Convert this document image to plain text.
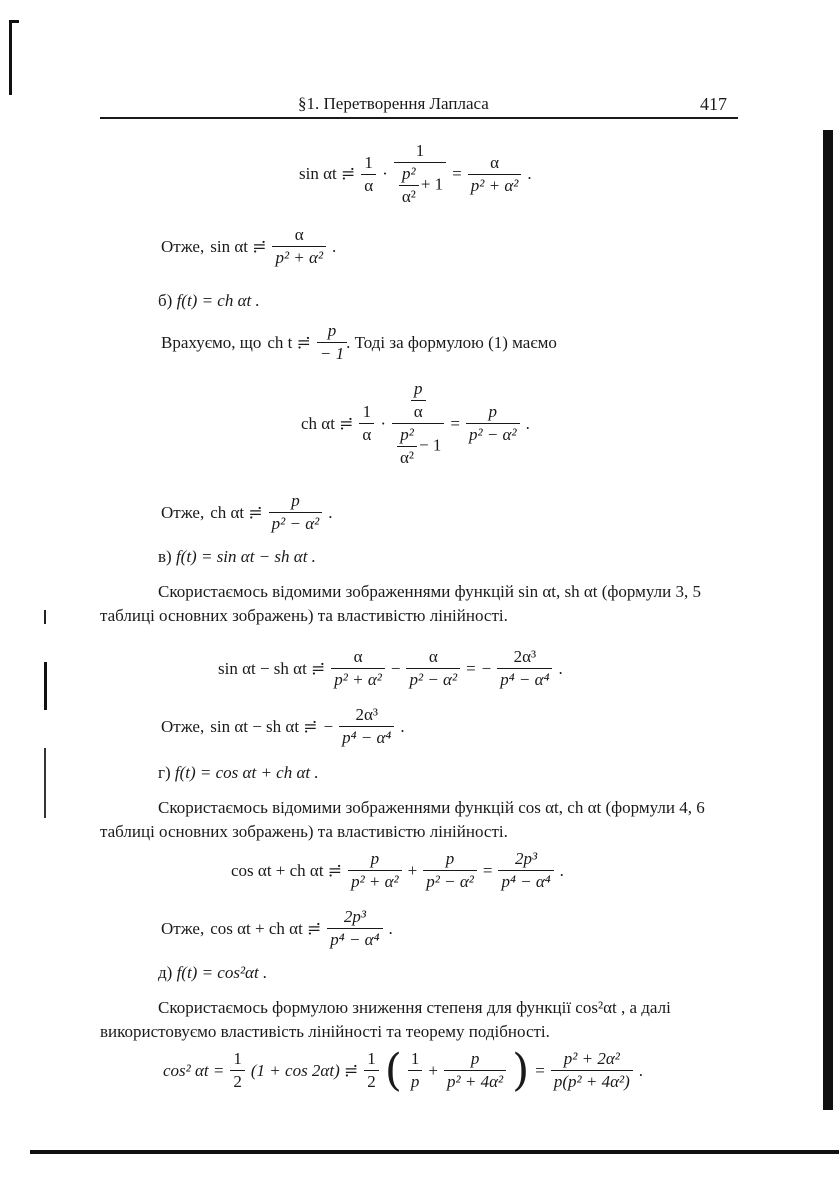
§1. Перетворення Лапласа	417
sin αt ≓ $\frac{1}{\alpha} \cdot \frac{1}{\frac{\text{p²}}{\text{α²}} + 1} = \frac{\alpha}{\text{p² + α²}}$ .
Отже, sin αt ≓ $\frac{\alpha}{\text{p² + α²}}$ .
б) f(t) = ch αt .
Врахуємо, що ch t ≓ $\frac{p}{- 1}$ . Тоді за формулою (1) маємо
ch αt ≓ $\frac{1}{\alpha} \cdot \frac{\frac{p}{\alpha}}{\frac{\text{p²}}{\text{α²}} - 1} = \frac{p}{\text{p² − α²}}$ .
Отже, ch αt ≓ $\frac{p}{\text{p² − α²}}$ .
в) f(t) = sin αt − sh αt .
Скористаємось відомими зображеннями функцій sin αt, sh αt (формули 3, 5 таблиці основних зображень) та властивістю лінійності.
sin αt − sh αt ≓ $\frac{\alpha}{\text{p² + α²}} - \frac{\alpha}{\text{p² − α²}}$ = − $\frac{\text{2α³}}{\text{p⁴ − α⁴}}$ .
Отже, sin αt − sh αt ≓ − $\frac{\text{2α³}}{\text{p⁴ − α⁴}}$ .
г) f(t) = cos αt + ch αt .
Скористаємось відомими зображеннями функцій cos αt, ch αt (формули 4, 6 таблиці основних зображень) та властивістю лінійності.
cos αt + ch αt ≓ $\frac{p}{\text{p² + α²}} + \frac{p}{\text{p² − α²}} = \frac{\text{2p³}}{\text{p⁴ − α⁴}}$ .
Отже, cos αt + ch αt ≓ $\frac{\text{2p³}}{\text{p⁴ − α⁴}}$ .
д) f(t) = cos²αt .
Скористаємось формулою зниження степеня для функції cos²αt , а далі використовуємо властивість лінійності та теорему подібності.
cos² $\alpha t = \frac{1}{2} (1 + \cos 2\alpha t)$ ≓ $\frac{1}{2}$ ( $\frac{1}{p} + \frac{p}{\text{p² + 4α²}}$ ) = $\frac{\text{p² + 2α²}}{\text{p(p² + 4α²)}}$ .
